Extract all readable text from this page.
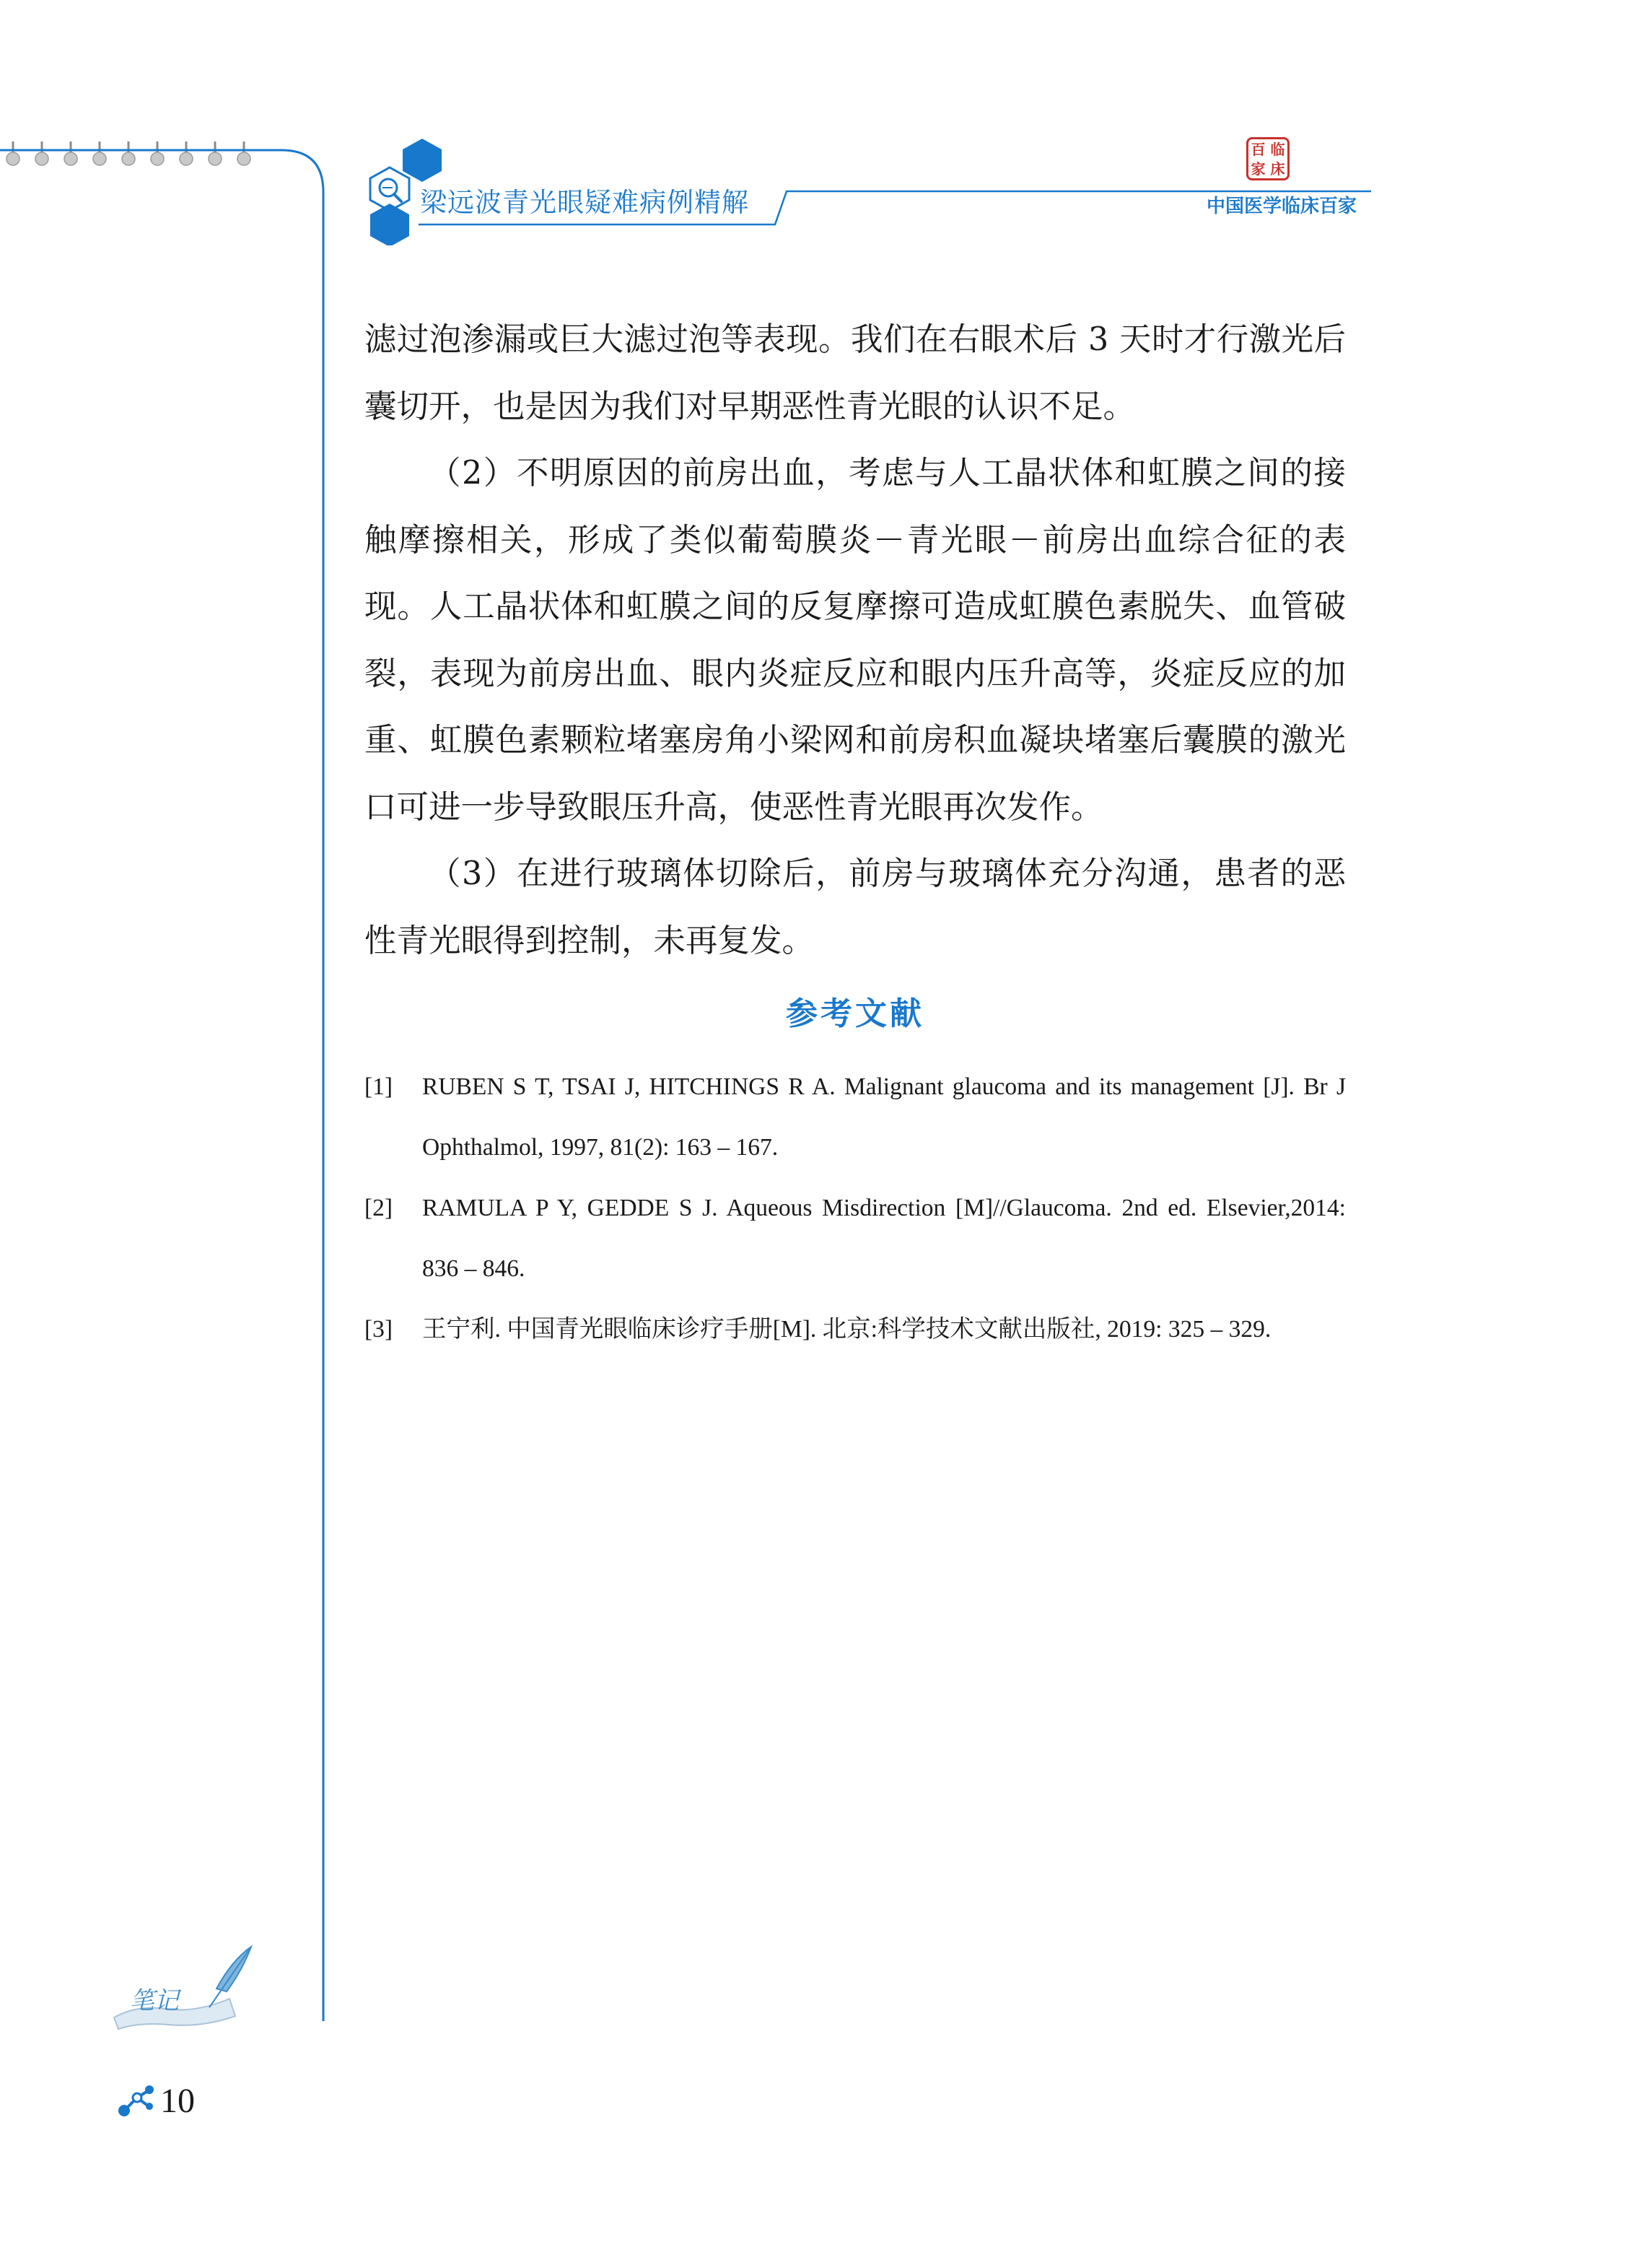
梁远波青光眼疑难病例精解
百 临
家 床
中国医学临床百家

滤过泡渗漏或巨大滤过泡等表现。我们在右眼术后 3 天时才行激光后囊切开，也是因为我们对早期恶性青光眼的认识不足。

（2）不明原因的前房出血，考虑与人工晶状体和虹膜之间的接触摩擦相关，形成了类似葡萄膜炎－青光眼－前房出血综合征的表现。人工晶状体和虹膜之间的反复摩擦可造成虹膜色素脱失、血管破裂，表现为前房出血、眼内炎症反应和眼内压升高等，炎症反应的加重、虹膜色素颗粒堵塞房角小梁网和前房积血凝块堵塞后囊膜的激光口可进一步导致眼压升高，使恶性青光眼再次发作。

（3）在进行玻璃体切除后，前房与玻璃体充分沟通，患者的恶性青光眼得到控制，未再复发。

参考文献
[1] RUBEN S T, TSAI J, HITCHINGS R A. Malignant glaucoma and its management [J]. Br J Ophthalmol, 1997, 81(2): 163 – 167.
[2] RAMULA P Y, GEDDE S J. Aqueous Misdirection [M]//Glaucoma. 2nd ed. Elsevier,2014: 836 – 846.
[3] 王宁利. 中国青光眼临床诊疗手册[M]. 北京:科学技术文献出版社, 2019: 325 – 329.
笔记
10
